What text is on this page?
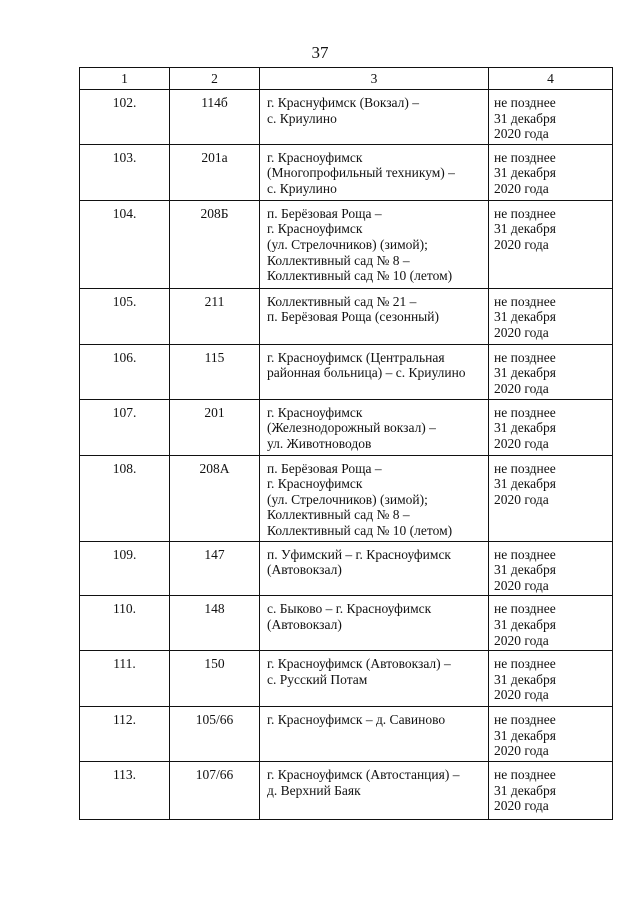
37
1	2	3	4
102.	114б	г. Краснуфимск (Вокзал) –
с. Криулино	не позднее
31 декабря
2020 года

103.	201а	г. Красноуфимск
(Многопрофильный техникум) –
с. Криулино	не позднее
31 декабря
2020 года

104.	208Б	п. Берёзовая Роща –
г. Красноуфимск
(ул. Стрелочников) (зимой);
Коллективный сад № 8 –
Коллективный сад № 10 (летом)	не позднее
31 декабря
2020 года

105.	211	Коллективный сад № 21 –
п. Берёзовая Роща (сезонный)	не позднее
31 декабря
2020 года

106.	115	г. Красноуфимск (Центральная
районная больница) – с. Криулино	не позднее
31 декабря
2020 года

107.	201	г. Красноуфимск
(Железнодорожный вокзал) –
ул. Животноводов	не позднее
31 декабря
2020 года

108.	208А	п. Берёзовая Роща –
г. Красноуфимск
(ул. Стрелочников) (зимой);
Коллективный сад № 8 –
Коллективный сад № 10 (летом)	не позднее
31 декабря
2020 года

109.	147	п. Уфимский – г. Красноуфимск
(Автовокзал)	не позднее
31 декабря
2020 года

110.	148	с. Быково – г. Красноуфимск
(Автовокзал)	не позднее
31 декабря
2020 года

111.	150	г. Красноуфимск (Автовокзал) –
с. Русский Потам	не позднее
31 декабря
2020 года

112.	105/66	г. Красноуфимск – д. Савиново	не позднее
31 декабря
2020 года

113.	107/66	г. Красноуфимск (Автостанция) –
д. Верхний Баяк	не позднее
31 декабря
2020 года
